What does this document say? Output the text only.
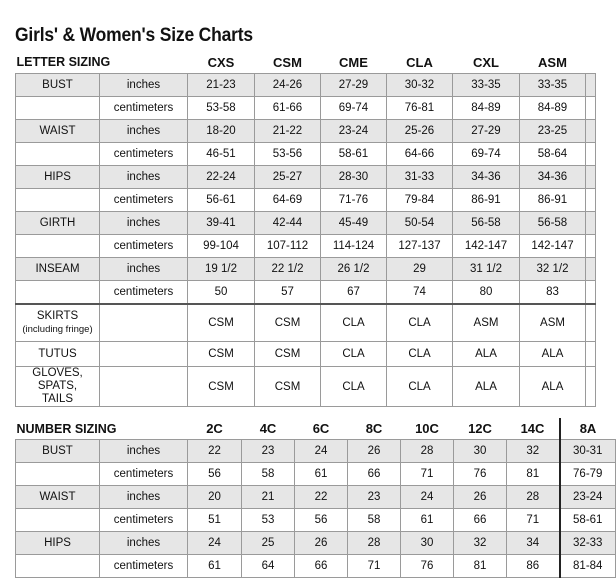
Girls' & Women's Size Charts
LETTER SIZING		CXS	CSM	CME	CLA	CXL	ASM	
BUST	inches	21-23	24-26	27-29	30-32	33-35	33-35	
	centimeters	53-58	61-66	69-74	76-81	84-89	84-89	
WAIST	inches	18-20	21-22	23-24	25-26	27-29	23-25	
	centimeters	46-51	53-56	58-61	64-66	69-74	58-64	
HIPS	inches	22-24	25-27	28-30	31-33	34-36	34-36	
	centimeters	56-61	64-69	71-76	79-84	86-91	86-91	
GIRTH	inches	39-41	42-44	45-49	50-54	56-58	56-58	
	centimeters	99-104	107-112	114-124	127-137	142-147	142-147	
INSEAM	inches	19 1/2	22 1/2	26 1/2	29	31 1/2	32 1/2	
	centimeters	50	57	67	74	80	83	

SKIRTS
(including fringe)		CSM	CSM	CLA	CLA	ASM	ASM	

TUTUS		CSM	CSM	CLA	CLA	ALA	ALA	

GLOVES, SPATS,
TAILS		CSM	CSM	CLA	CLA	ALA	ALA	
NUMBER SIZING		2C	4C	6C	8C	10C	12C	14C	8A
BUST	inches	22	23	24	26	28	30	32	30-31
	centimeters	56	58	61	66	71	76	81	76-79
WAIST	inches	20	21	22	23	24	26	28	23-24
	centimeters	51	53	56	58	61	66	71	58-61
HIPS	inches	24	25	26	28	30	32	34	32-33
	centimeters	61	64	66	71	76	81	86	81-84
